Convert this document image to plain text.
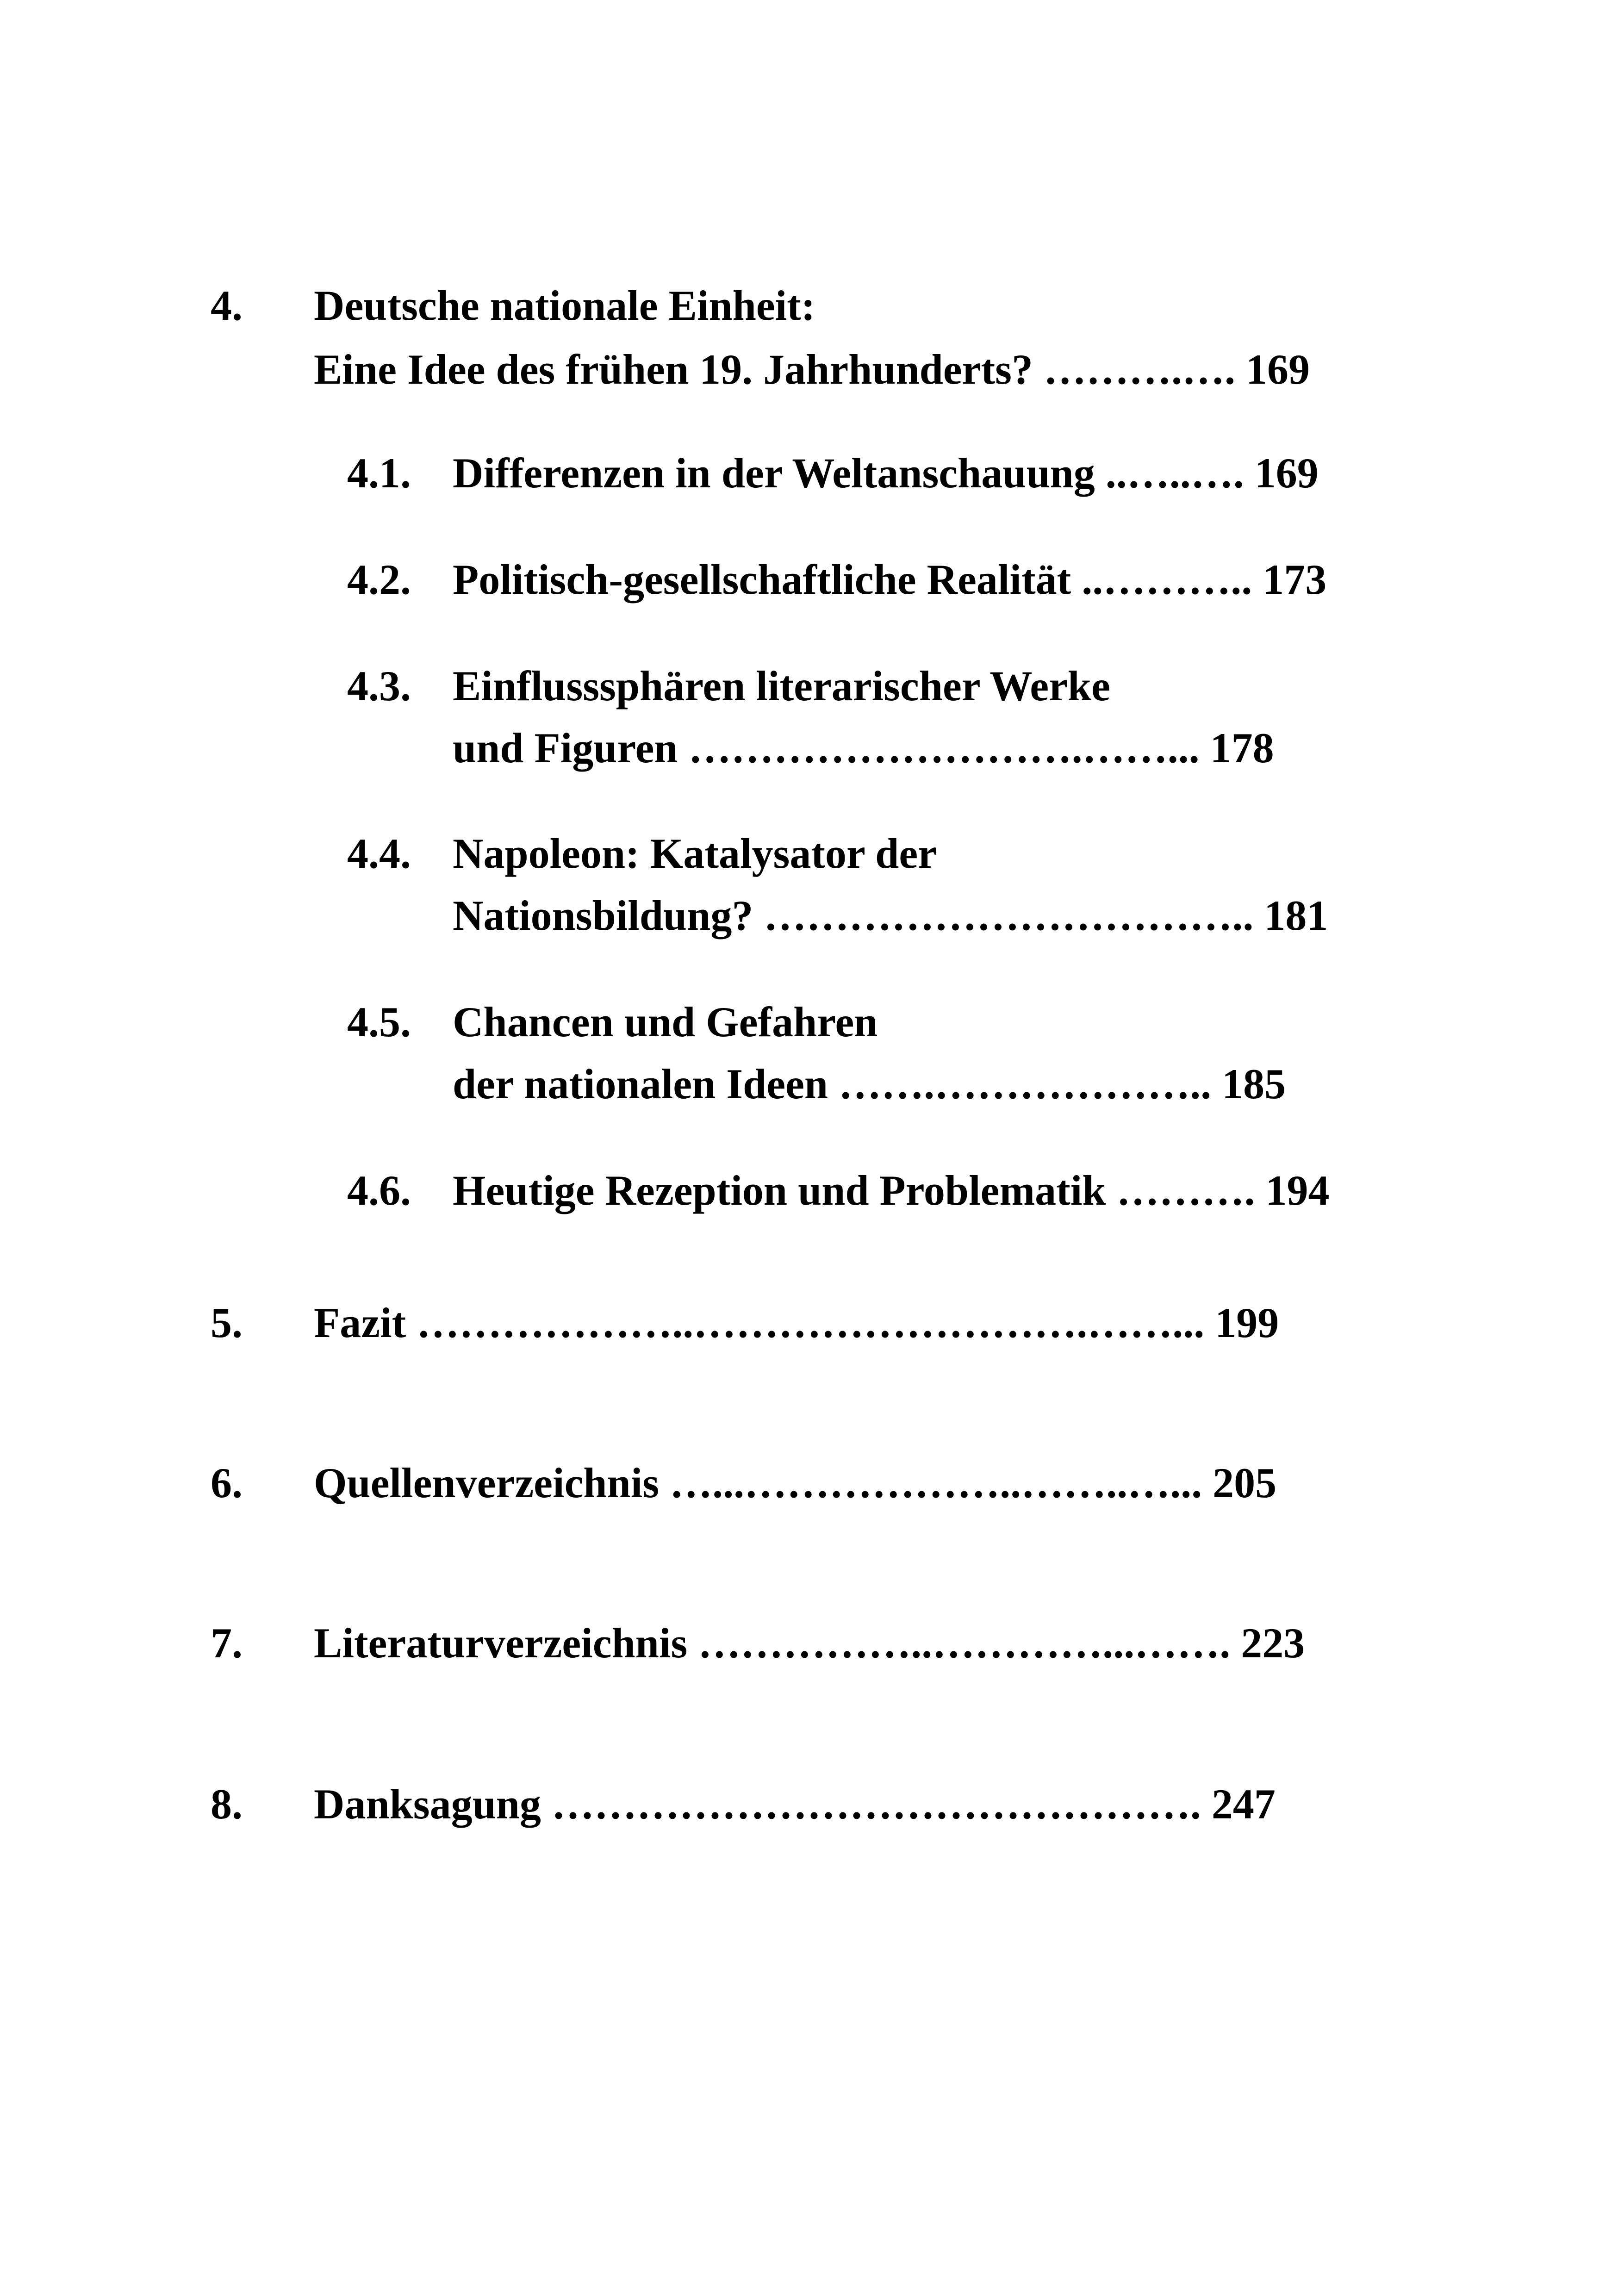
4. Deutsche nationale Einheit:
Eine Idee des frühen 19. Jahrhunderts? ……….…. 169
4.1. Differenzen in der Weltanschauung ..…..…. 169
4.2. Politisch-gesellschaftliche Realität ..……….. 173
4.3. Einflusssphären literarischer Werke
und Figuren ……………………….……... 178
4.4. Napoleon: Katalysator der
Nationsbildung? …………………………….. 181
4.5. Chancen und Gefahren
der nationalen Ideen …….……………….. 185
4.6. Heutige Rezeption und Problematik ………. 194
5. Fazit ………………..……………………….……... 199
6. Quellenverzeichnis …...………………..……..…... 205
7. Literaturverzeichnis ……………..…………...……. 223
8. Danksagung ………………………………………. 247
